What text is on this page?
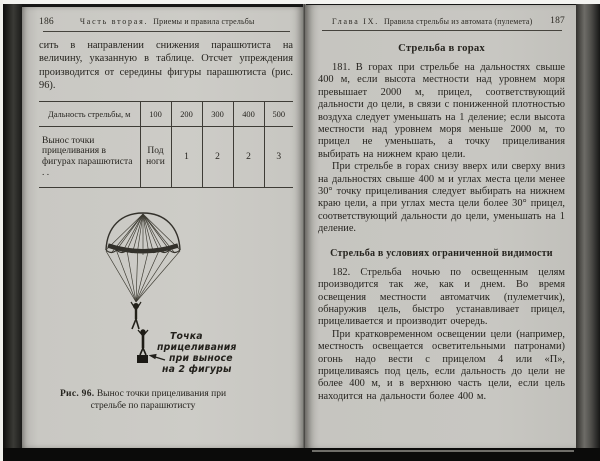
186	Часть вторая. Приемы и правила стрельбы

сить в направлении снижения парашютиста на величину, указанную в таблице. Отсчет упреждения производится от середины фигуры парашютиста (рис. 96).

Дальность стрельбы, м	100	200	300	400	500
Вынос точки прицеливания в фигурах парашютиста . .	Под ноги	1	2	2	3
Точка
прицеливания
при выносе
на 2 фигуры
Рис. 96. Вынос точки прицеливания при стрельбе по парашютисту
Глава IX. Правила стрельбы из автомата (пулемета) 187
Стрельба в горах

181. В горах при стрельбе на дальностях свыше 400 м, если высота местности над уровнем моря превышает 2000 м, прицел, соответствующий дальности до цели, в связи с пониженной плотностью воздуха следует уменьшать на 1 деление; если высота местности над уровнем моря меньше 2000 м, то прицел не уменьшать, а точку прицеливания выбирать на нижнем краю цели.

При стрельбе в горах снизу вверх или сверху вниз на дальностях свыше 400 м и углах места цели менее 30° точку прицеливания следует выбирать на нижнем краю цели, а при углах места цели более 30° прицел, соответствующий дальности до цели, уменьшать на 1 деление.

Стрельба в условиях ограниченной видимости

182. Стрельба ночью по освещенным целям производится так же, как и днем. Во время освещения местности автоматчик (пулеметчик), обнаружив цель, быстро устанавливает прицел, прицеливается и производит очередь.

При кратковременном освещении цели (например, местность освещается осветительными патронами) огонь надо вести с прицелом 4 или «П», прицеливаясь под цель, если дальность до цели не более 400 м, и в верхнюю часть цели, если цель находится на дальности более 400 м.
